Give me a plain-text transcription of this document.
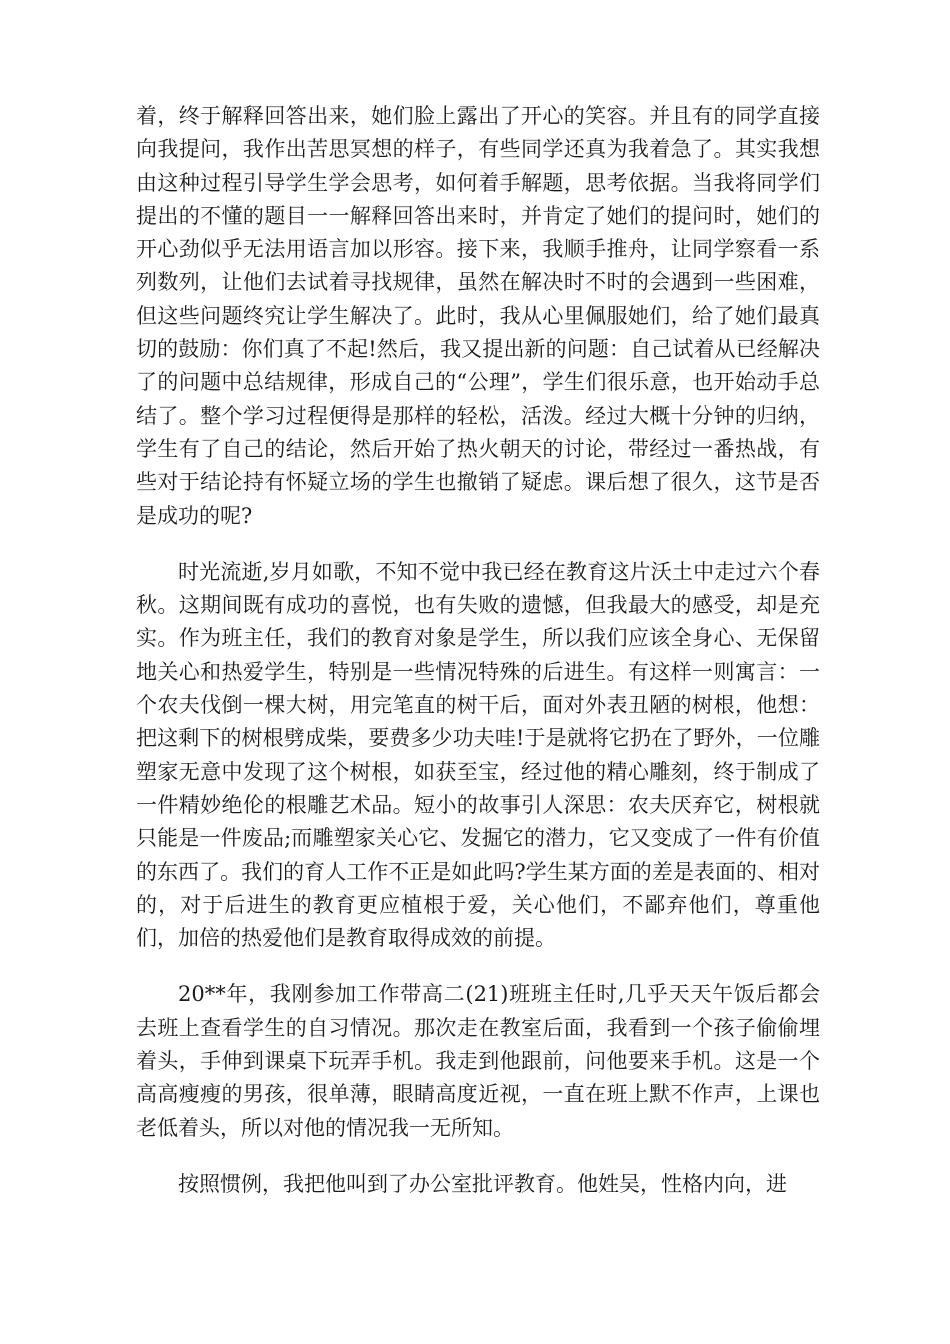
着，终于解释回答出来，她们脸上露出了开心的笑容。并且有的同学直接向我提问，我作出苦思冥想的样子，有些同学还真为我着急了。其实我想由这种过程引导学生学会思考，如何着手解题，思考依据。当我将同学们提出的不懂的题目一一解释回答出来时，并肯定了她们的提问时，她们的开心劲似乎无法用语言加以形容。接下来，我顺手推舟，让同学察看一系列数列，让他们去试着寻找规律，虽然在解决时不时的会遇到一些困难，但这些问题终究让学生解决了。此时，我从心里佩服她们，给了她们最真切的鼓励：你们真了不起!然后，我又提出新的问题：自己试着从已经解决了的问题中总结规律，形成自己的“公理”，学生们很乐意，也开始动手总结了。整个学习过程便得是那样的轻松，活泼。经过大概十分钟的归纳，学生有了自己的结论，然后开始了热火朝天的讨论，带经过一番热战，有些对于结论持有怀疑立场的学生也撤销了疑虑。课后想了很久，这节是否是成功的呢?

时光流逝,岁月如歌，不知不觉中我已经在教育这片沃土中走过六个春秋。这期间既有成功的喜悦，也有失败的遗憾，但我最大的感受，却是充实。作为班主任，我们的教育对象是学生，所以我们应该全身心、无保留地关心和热爱学生，特别是一些情况特殊的后进生。有这样一则寓言：一个农夫伐倒一棵大树，用完笔直的树干后，面对外表丑陋的树根，他想：把这剩下的树根劈成柴，要费多少功夫哇!于是就将它扔在了野外，一位雕塑家无意中发现了这个树根，如获至宝，经过他的精心雕刻，终于制成了一件精妙绝伦的根雕艺术品。短小的故事引人深思：农夫厌弃它，树根就只能是一件废品;而雕塑家关心它、发掘它的潜力，它又变成了一件有价值的东西了。我们的育人工作不正是如此吗?学生某方面的差是表面的、相对的，对于后进生的教育更应植根于爱，关心他们，不鄙弃他们，尊重他们，加倍的热爱他们是教育取得成效的前提。

20**年，我刚参加工作带高二(21)班班主任时,几乎天天午饭后都会去班上查看学生的自习情况。那次走在教室后面，我看到一个孩子偷偷埋着头，手伸到课桌下玩弄手机。我走到他跟前，问他要来手机。这是一个高高瘦瘦的男孩，很单薄，眼睛高度近视，一直在班上默不作声，上课也老低着头，所以对他的情况我一无所知。

按照惯例，我把他叫到了办公室批评教育。他姓吴，性格内向，进
